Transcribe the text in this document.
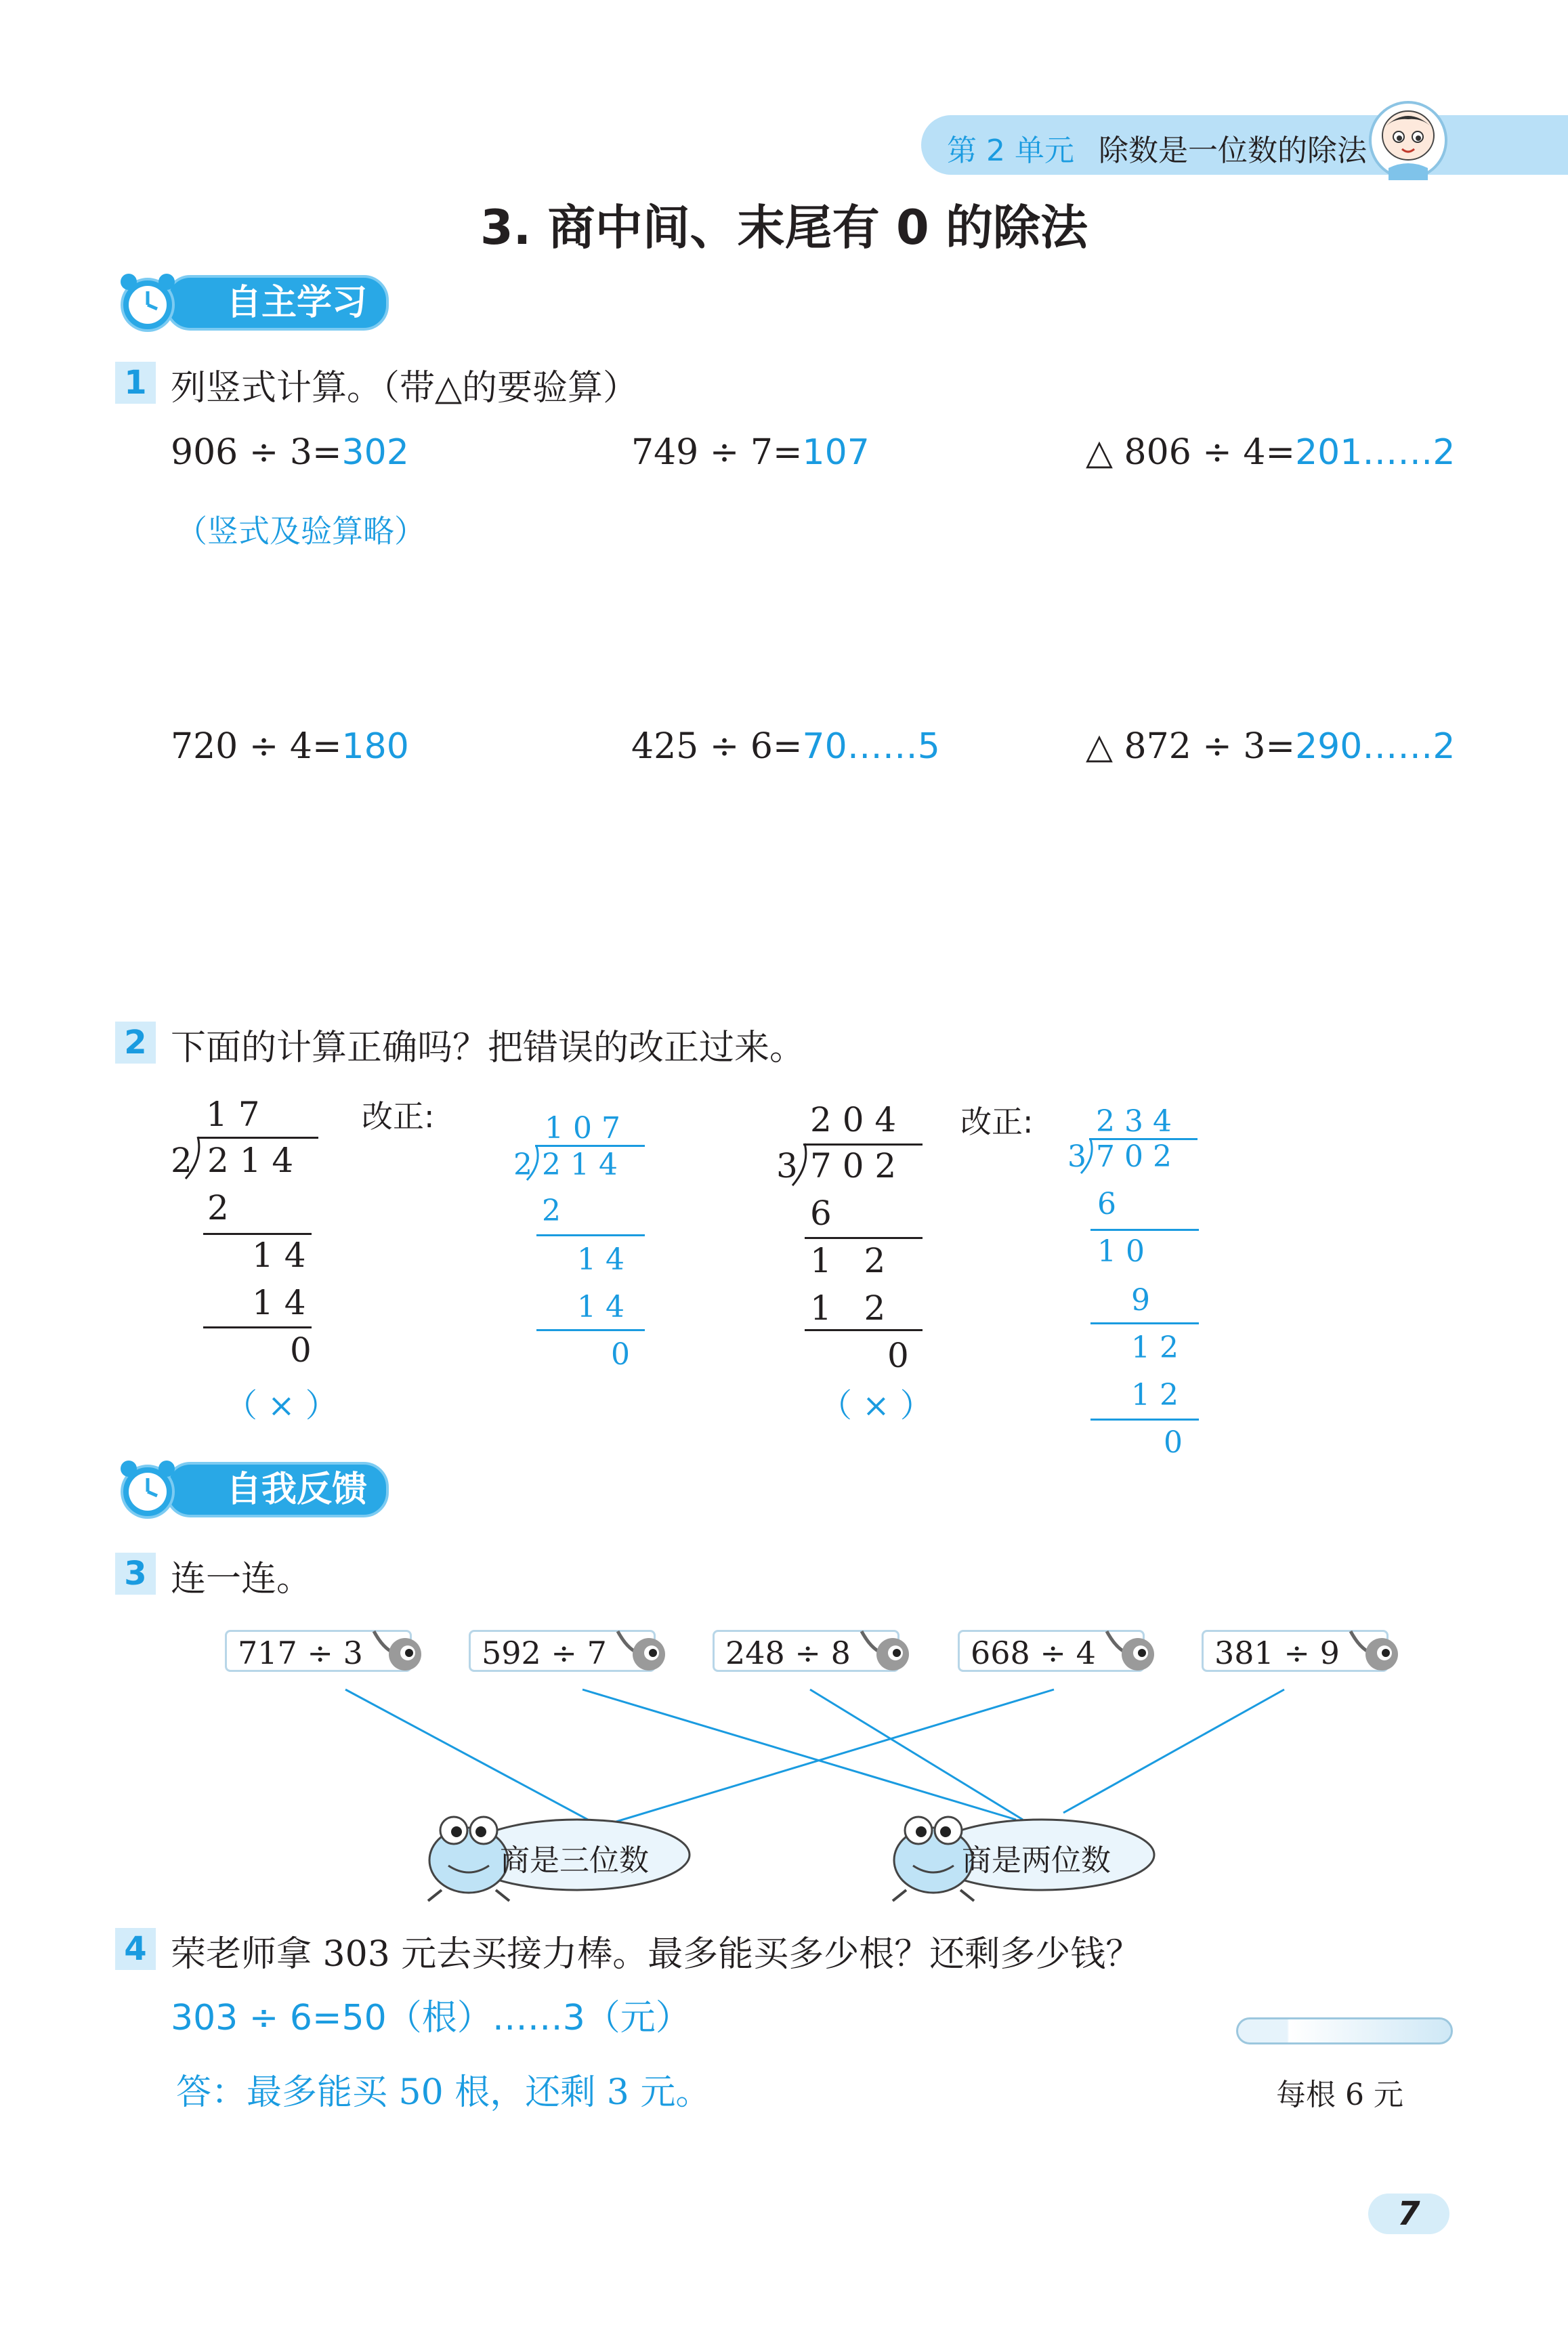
第 2 单元 除数是一位数的除法
3. 商中间、末尾有 0 的除法
自主学习
1 列竖式计算。（带△的要验算）
906 ÷ 3=302	749 ÷ 7=107	△ 806 ÷ 4=201……2
（竖式及验算略）
720 ÷ 4=180	425 ÷ 6=70……5	△ 872 ÷ 3=290……2
2 下面的计算正确吗？把错误的改正过来。
1 7
2 2 1 4
2
1 4
1 4
0
（ × ）
改正:	1 0 7
2 2 1 4
2
1 4
1 4
0
2 0 4
3 7 0 2
6
1   2
1   2
0
（ × ）
改正: 2 3 4
3 7 0 2
6
1 0
9
1 2
1 2
0
自我反馈
3 连一连。
717 ÷ 3	592 ÷ 7	248 ÷ 8	668 ÷ 4	381 ÷ 9
商是三位数	商是两位数
4 荣老师拿 303 元去买接力棒。最多能买多少根？还剩多少钱？
303 ÷ 6=50（根）……3（元）
答：最多能买 50 根，还剩 3 元。	每根 6 元
7
